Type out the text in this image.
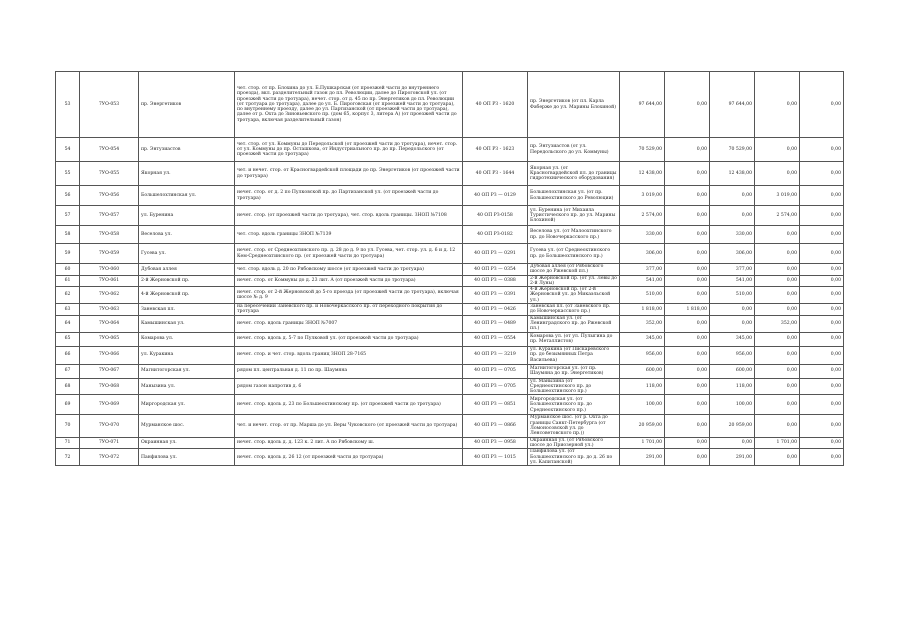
53	7УО-053	пр. Энергетиков	чет. стор. от пр. Блохина до ул. Б.Пушкарская (от проезжей части до внутреннего проезда), вкл. разделительный газон до пл. Революции, далее до Пироговской ул. (от проезжей части до тротуара), нечет. стор. от д. 45 по пр. Энергетиков до пл. Революции (от тротуара до тротуара), далее до ул. Б. Пироговская (от проезжей части до тротуара), по внутреннему проезду, далее до ул. Партизанской (от проезжей части до тротуара), далее от р. Охта до Зиновьевского пр. (дом 65, корпус 3, литера А) (от проезжей части до тротуара, включая разделительный газон)	40 ОП РЗ - 1620	пр. Энергетиков (от пл. Карла Фаберже до ул. Марины Блохиной)	97 644,00	0,00	97 644,00	0,00	0,00
54	7УО-054	пр. Энтузиастов	чет. стор. от ул. Коммуны до Передольской (от проезжей части до тротуара), нечет. стор. от ул. Коммуны до пр. Осташкова, от Индустриального пр. до пр. Передольского (от проезжей части до тротуара)	40 ОП РЗ - 1623	пр. Энтузиастов (от ул. Передольского до ул. Коммуны)	70 529,00	0,00	70 529,00	0,00	0,00
55	7УО-055	Якорная ул.	чет. и нечет. стор. от Красногвардейской площади до пр. Энергетиков (от проезжей части до тротуара)	40 ОП РЗ - 1644	Якорная ул. (от Красногвардейской пл. до границы гидротехнического оборудования)	12 438,00	0,00	12 438,00	0,00	0,00
56	7УО-056	Большелохтинская ул.	нечет. стор. от д. 2 по Пулковской пр. до Партизанской ул. (от проезжей части до тротуара)	40 ОП РЗ — 0129	Большелохтинская ул. (от пр. Большеохтинского до Революции)	3 019,00	0,00	0,00	3 019,00	0,00
57	7УО-057	ул. Буренина	нечет. стор. (от проезжей части до тротуара), чет. стор. вдоль границы. ЗНОП №7108	40 ОП РЗ-0158	ул. Буренина (от Михаила Туристического пр. до ул. Марины Блохиной)	2 574,00	0,00	0,00	2 574,00	0,00
58	7УО-058	Веселова ул.	чет. стор. вдоль границы ЗНОП №7139	40 ОП РЗ-0182	Веселова ул. (от Малоохтинского пр. до Новочеркасского пр.)	330,00	0,00	330,00	0,00	0,00
59	7УО-059	Гусева ул.	нечет. стор. от Среднеохтинского пр. д. 28 до д. 9 по ул. Гусева, чет. стор. ул. д. 6 и д. 12 Кем-Среднеохтинского пр. (от проезжей части до тротуара)	40 ОП РЗ — 0291	Гусева ул. (от Среднеохтинского пр. до Большеохтинского пр.)	306,00	0,00	306,00	0,00	0,00
60	7УО-060	Дубовая аллея	чет. стор. вдоль д. 20 по Рябовскому шоссе (от проезжей части до тротуара)	40 ОП РЗ — 0354	Дубовая аллея (от Рябовского шоссе до Ржевской пл.)	377,00	0,00	377,00	0,00	0,00
61	7УО-061	2-й Жерновской пр.	нечет. стор. от Коммуны до д. 23 лит. А (от проезжей части до тротуара)	40 ОП РЗ — 0388	2-й Жерновской пр. (от ул. Лёвы до 2-й Луны)	541,00	0,00	541,00	0,00	0,00
62	7УО-062	4-й Жерновской пр.	нечет. стор. от 2-й Жерновской до 5-го проезда (от проезжей части до тротуара), включая шоссе № д. 9	40 ОП РЗ — 0391	4-й Жерновской пр. (от 2-й Жерновской ул. до Микаэльской ул.)	510,00	0,00	510,00	0,00	0,00
63	7УО-063	Заневская пл.	на пересечении Заневского пр. и Новочеркасского пр. от переходного покрытия до тротуара	40 ОП РЗ — 0426	Заневская пл. (от Заневского пр. до Новочеркасского пр.)	1 818,00	1 818,00	0,00	0,00	0,00
64	7УО-064	Камышинская ул.	нечет. стор. вдоль границы ЗНОП №7007	40 ОП РЗ — 0489	Камышинская ул. (от Ленинградского пр. до Ржевской пл.)	352,00	0,00	0,00	352,00	0,00
65	7УО-065	Комарова ул.	нечет. стор. вдоль д. 5-7 по Пулковой ул. (от проезжей части до тротуара)	40 ОП РЗ — 0554	Комарова ул. (от ул. Пулыгина до пр. Металлистов)	345,00	0,00	345,00	0,00	0,00
66	7УО-066	ул. Куракина	нечет. стор. и чет. стор. вдоль границ ЗНОП 28-7165	40 ОП РЗ — 3219	ул. Куракина (от Пискаревского пр. до безымянных Петра Васильева)	956,00	0,00	956,00	0,00	0,00
67	7УО-067	Магнитогорская ул.	рядом пл. центральная д. 11 по пр. Шаумяна	40 ОП РЗ — 0705	Магнитогорская ул. (от пр. Шаумяна до пр. Энергетиков)	600,00	0,00	600,00	0,00	0,00
68	7УО-068	Манызина ул.	рядом газон напротив д. 6	40 ОП РЗ — 0705	ул. Манызина (от Среднеохтинского пр. до Большеохтинского пр.)	118,00	0,00	118,00	0,00	0,00
69	7УО-069	Миргородская ул.	нечет. стор. вдоль д. 23 по Большеохтинскому пр. (от проезжей части до тротуара)	40 ОП РЗ — 0851	Миргородская ул. (от Большеохтинского пр. до Среднеохтинского пр.)	100,00	0,00	100,00	0,00	0,00
70	7УО-070	Мурманское шос.	чет. и нечет. стор. от пр. Марша до ул. Веры Чуковского (от проезжей части до тротуара)	40 ОП РЗ — 0866	Мурманское шос. (от р. Охта до границы Санкт-Петербурга (от Ломоносовской ул. до Ленсоветовского пр.))	20 959,00	0,00	20 959,00	0,00	0,00
71	7УО-071	Окраинная ул.	нечет. стор. вдоль д. д. 123 к. 2 лит. А по Рябовскому ш.	40 ОП РЗ — 0958	Окраинная ул. (от Рябовского шоссе до Приозерной ул.)	1 701,00	0,00	0,00	1 701,00	0,00
72	7УО-072	Панфилова ул.	нечет. стор. вдоль д. 26 12 (от проезжей части до тротуара)	40 ОП РЗ — 1015	Панфилова ул. (от Большеохтинского пр. до д. 26 по ул. Капитанской)	291,00	0,00	291,00	0,00	0,00
